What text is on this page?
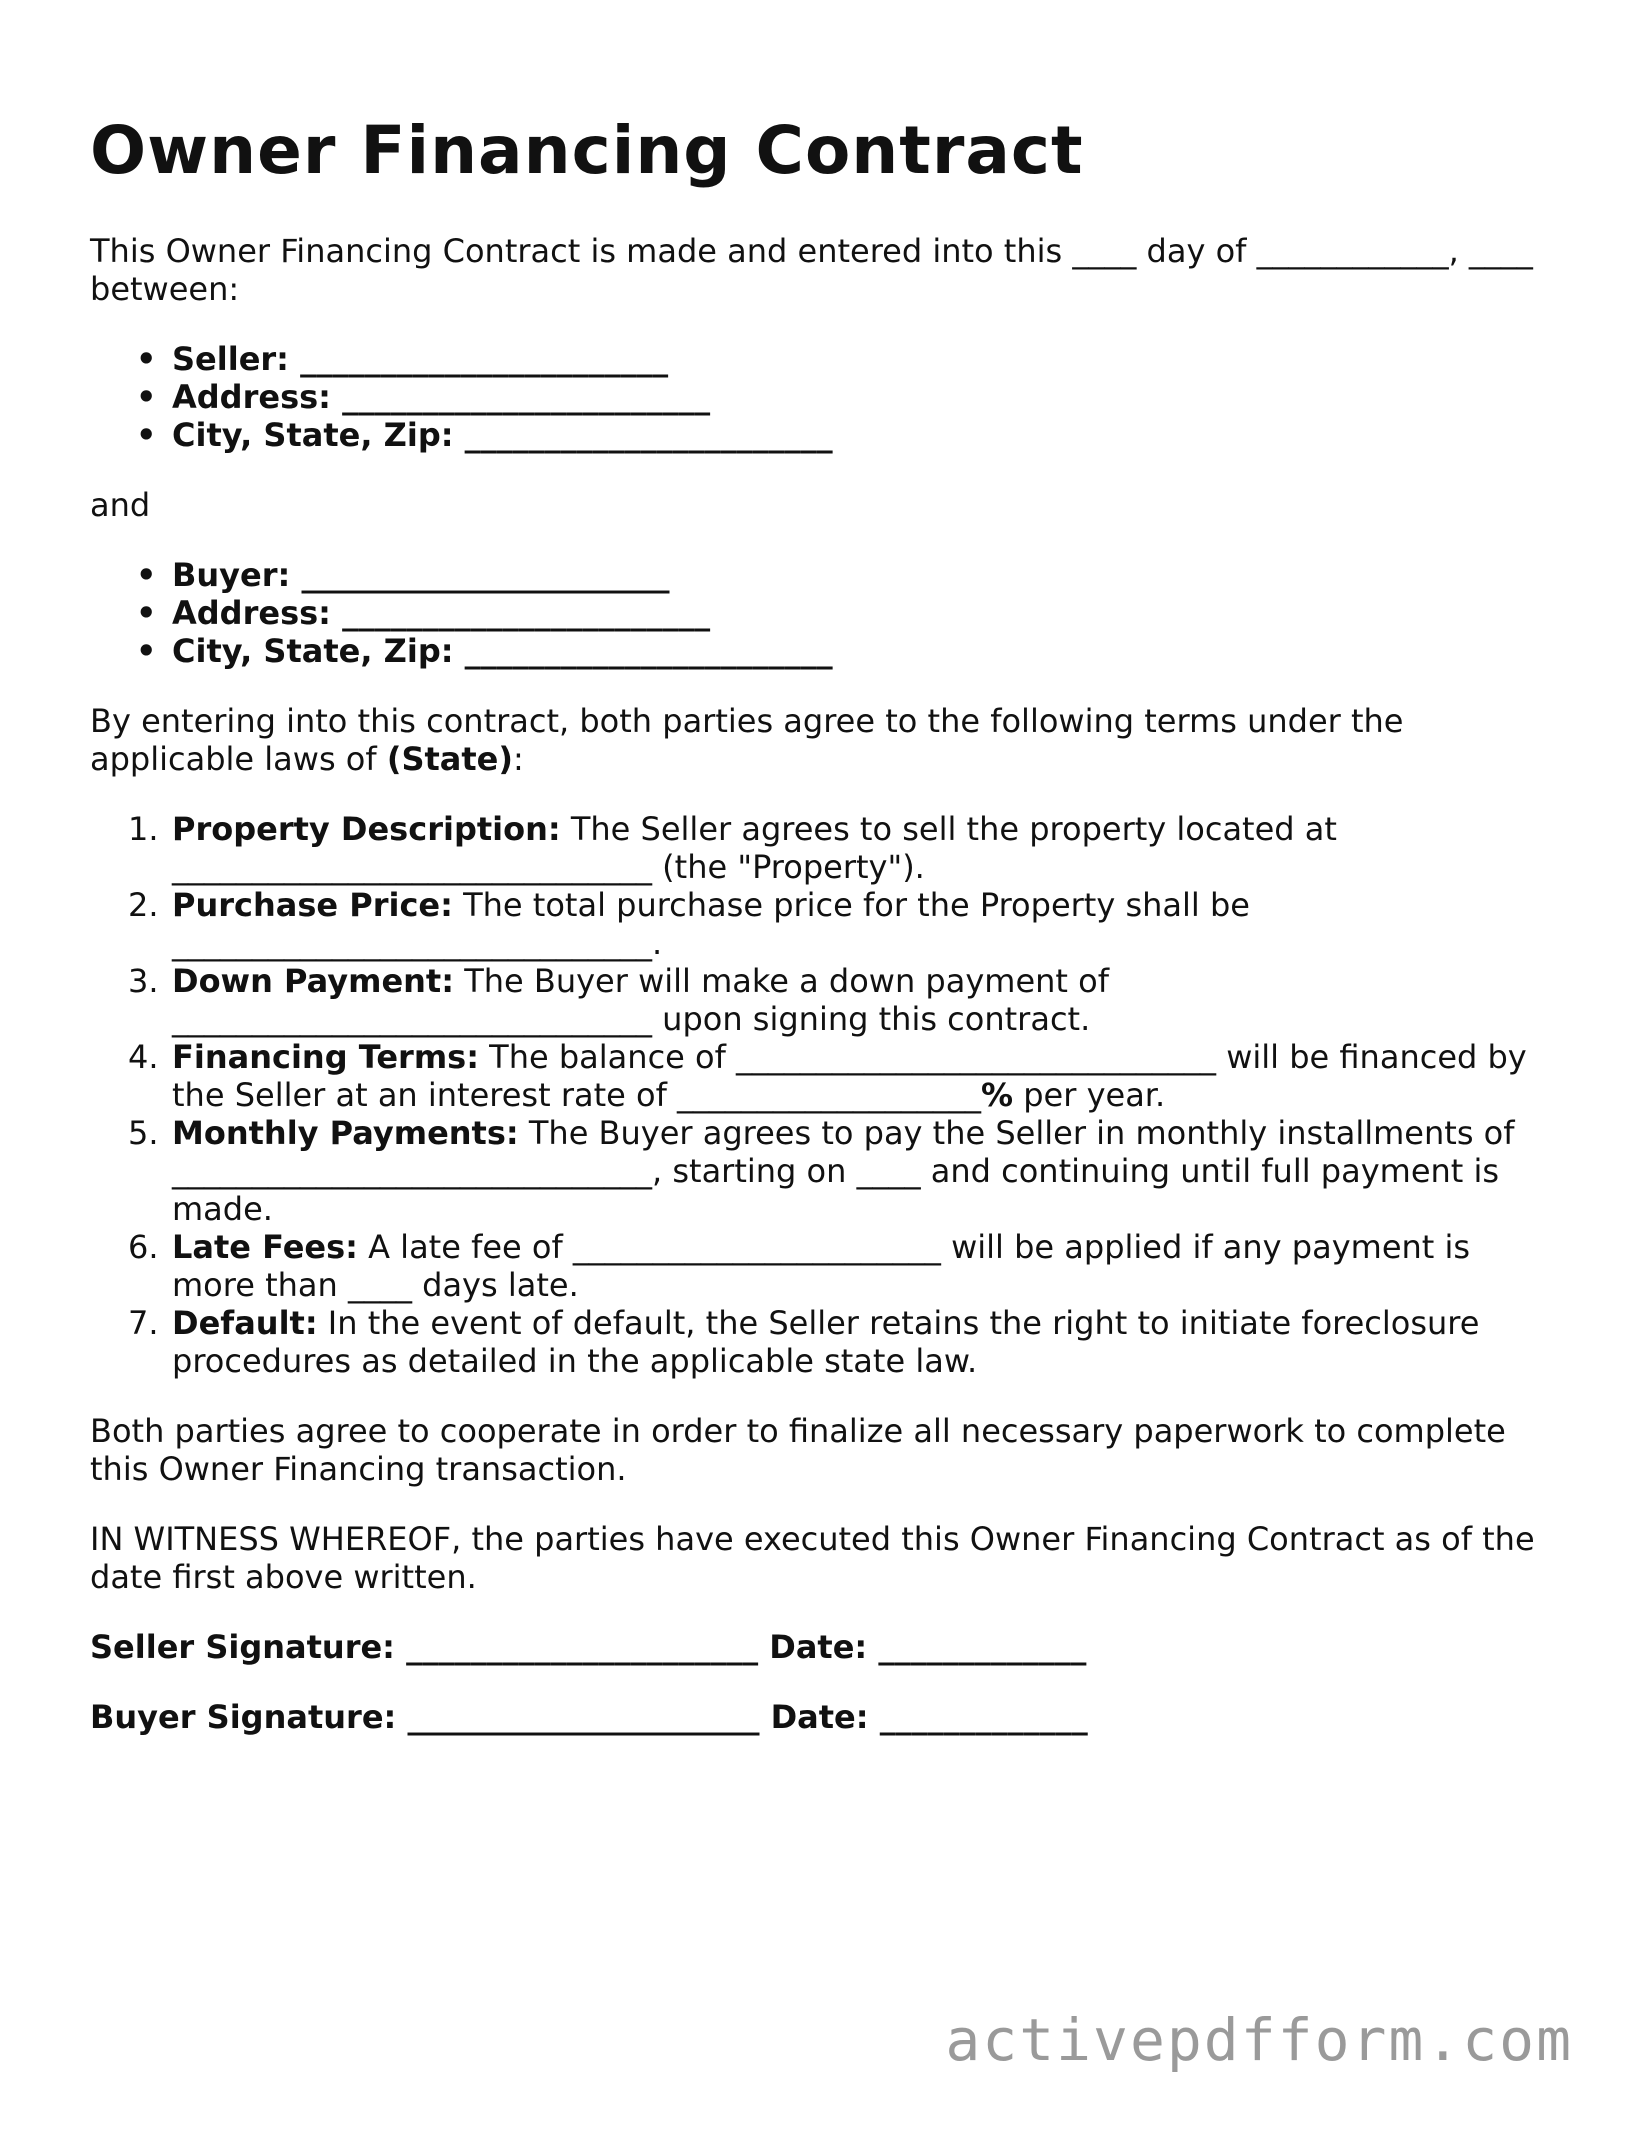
Owner Financing Contract

This Owner Financing Contract is made and entered into this ____ day of ____________, ____ between:

• Seller: _______________________
• Address: _______________________
• City, State, Zip: _______________________

and

• Buyer: _______________________
• Address: _______________________
• City, State, Zip: _______________________

By entering into this contract, both parties agree to the following terms under the applicable laws of (State):

1. Property Description: The Seller agrees to sell the property located at ______________________________ (the "Property").
2. Purchase Price: The total purchase price for the Property shall be ______________________________.
3. Down Payment: The Buyer will make a down payment of ______________________________ upon signing this contract.
4. Financing Terms: The balance of ______________________________ will be financed by the Seller at an interest rate of ___________________% per year.
5. Monthly Payments: The Buyer agrees to pay the Seller in monthly installments of ______________________________, starting on ____ and continuing until full payment is made.
6. Late Fees: A late fee of _______________________ will be applied if any payment is more than ____ days late.
7. Default: In the event of default, the Seller retains the right to initiate foreclosure procedures as detailed in the applicable state law.

Both parties agree to cooperate in order to finalize all necessary paperwork to complete this Owner Financing transaction.

IN WITNESS WHEREOF, the parties have executed this Owner Financing Contract as of the date first above written.

Seller Signature: ______________________ Date: _____________
Buyer Signature: ______________________ Date: _____________
activepdfform.com
